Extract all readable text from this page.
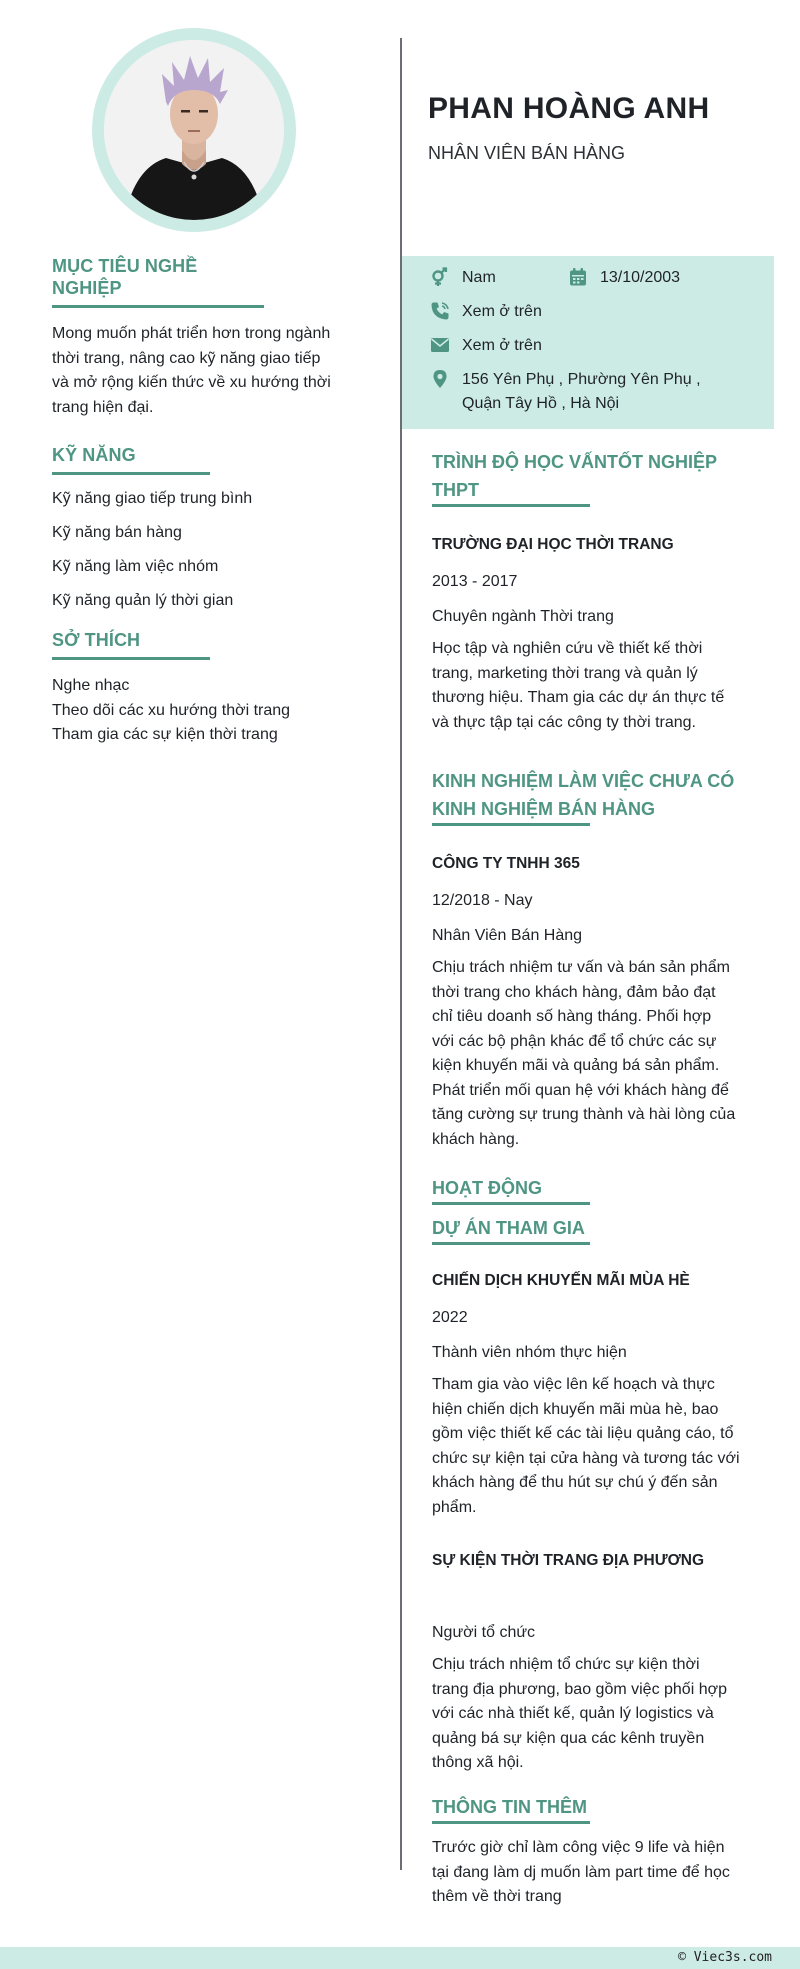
MỤC TIÊU NGHỀ NGHIỆP
Mong muốn phát triển hơn trong ngành
thời trang, nâng cao kỹ năng giao tiếp
và mở rộng kiến thức về xu hướng thời
trang hiện đại.
KỸ NĂNG
Kỹ năng giao tiếp trung bình
Kỹ năng bán hàng
Kỹ năng làm việc nhóm
Kỹ năng quản lý thời gian
SỞ THÍCH
Nghe nhạc
Theo dõi các xu hướng thời trang
Tham gia các sự kiện thời trang
PHAN HOÀNG ANH
NHÂN VIÊN BÁN HÀNG
Nam	13/10/2003
Xem ở trên
Xem ở trên
156 Yên Phụ , Phường Yên Phụ ,
Quận Tây Hồ , Hà Nội
TRÌNH ĐỘ HỌC VẤNTỐT NGHIỆP
THPT
TRƯỜNG ĐẠI HỌC THỜI TRANG
2013 - 2017
Chuyên ngành Thời trang
Học tập và nghiên cứu về thiết kế thời
trang, marketing thời trang và quản lý
thương hiệu. Tham gia các dự án thực tế
và thực tập tại các công ty thời trang.
KINH NGHIỆM LÀM VIỆC CHƯA CÓ
KINH NGHIỆM BÁN HÀNG
CÔNG TY TNHH 365
12/2018 - Nay
Nhân Viên Bán Hàng
Chịu trách nhiệm tư vấn và bán sản phẩm
thời trang cho khách hàng, đảm bảo đạt
chỉ tiêu doanh số hàng tháng. Phối hợp
với các bộ phận khác để tổ chức các sự
kiện khuyến mãi và quảng bá sản phẩm.
Phát triển mối quan hệ với khách hàng để
tăng cường sự trung thành và hài lòng của
khách hàng.
HOẠT ĐỘNG
DỰ ÁN THAM GIA
CHIẾN DỊCH KHUYẾN MÃI MÙA HÈ
2022
Thành viên nhóm thực hiện
Tham gia vào việc lên kế hoạch và thực
hiện chiến dịch khuyến mãi mùa hè, bao
gồm việc thiết kế các tài liệu quảng cáo, tổ
chức sự kiện tại cửa hàng và tương tác với
khách hàng để thu hút sự chú ý đến sản
phẩm.
SỰ KIỆN THỜI TRANG ĐỊA PHƯƠNG
Người tổ chức
Chịu trách nhiệm tổ chức sự kiện thời
trang địa phương, bao gồm việc phối hợp
với các nhà thiết kế, quản lý logistics và
quảng bá sự kiện qua các kênh truyền
thông xã hội.
THÔNG TIN THÊM
Trước giờ chỉ làm công việc 9 life và hiện
tại đang làm dj muốn làm part time để học
thêm về thời trang
© Viec3s.com
